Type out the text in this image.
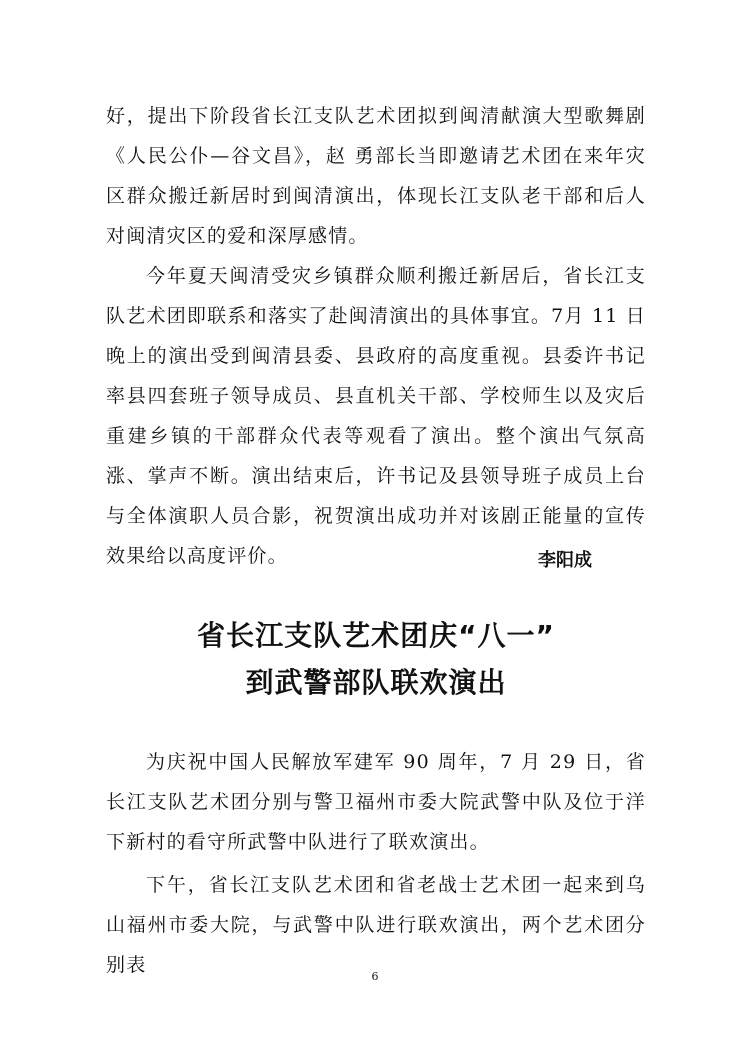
好，提出下阶段省长江支队艺术团拟到闽清献演大型歌舞剧《人民公仆—谷文昌》，赵 勇部长当即邀请艺术团在来年灾区群众搬迁新居时到闽清演出，体现长江支队老干部和后人对闽清灾区的爱和深厚感情。

今年夏天闽清受灾乡镇群众顺利搬迁新居后，省长江支队艺术团即联系和落实了赴闽清演出的具体事宜。7月 11 日晚上的演出受到闽清县委、县政府的高度重视。县委许书记率县四套班子领导成员、县直机关干部、学校师生以及灾后重建乡镇的干部群众代表等观看了演出。整个演出气氛高涨、掌声不断。演出结束后，许书记及县领导班子成员上台与全体演职人员合影，祝贺演出成功并对该剧正能量的宣传效果给以高度评价。	李阳成
省长江支队艺术团庆“八一”
到武警部队联欢演出

为庆祝中国人民解放军建军 90 周年，7 月 29 日，省长江支队艺术团分别与警卫福州市委大院武警中队及位于洋下新村的看守所武警中队进行了联欢演出。

下午，省长江支队艺术团和省老战士艺术团一起来到乌山福州市委大院，与武警中队进行联欢演出，两个艺术团分别表

6
